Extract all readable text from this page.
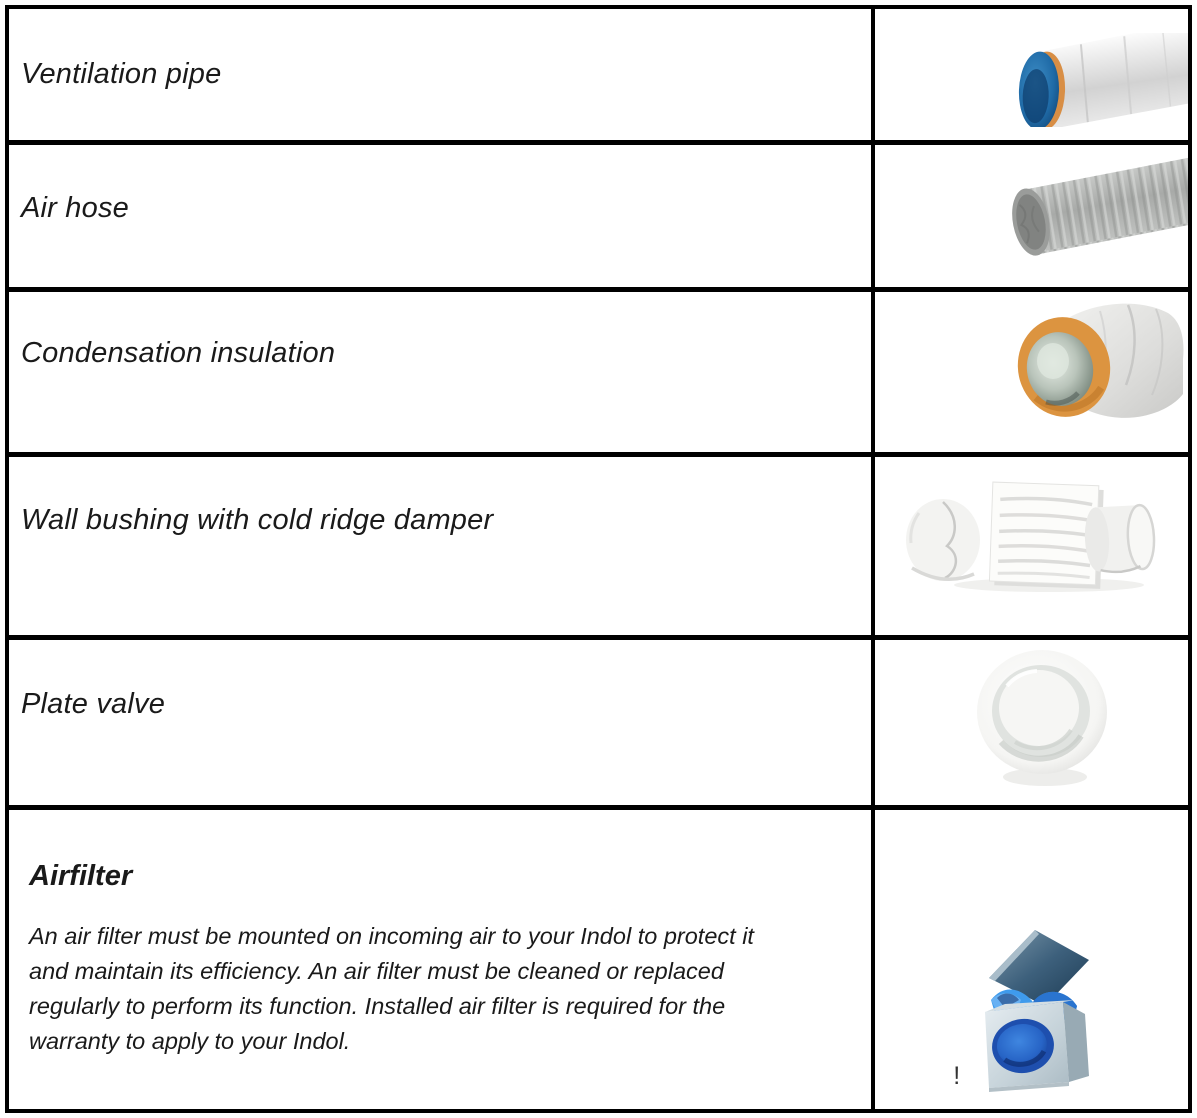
Ventilation pipe
Air hose
Condensation insulation
Wall bushing with cold ridge damper
Plate valve
Airfilter
An air filter must be mounted on incoming air to your Indol to protect it
and maintain its efficiency. An air filter must be cleaned or replaced
regularly to perform its function. Installed air filter is required for the
warranty to apply to your Indol.
!
